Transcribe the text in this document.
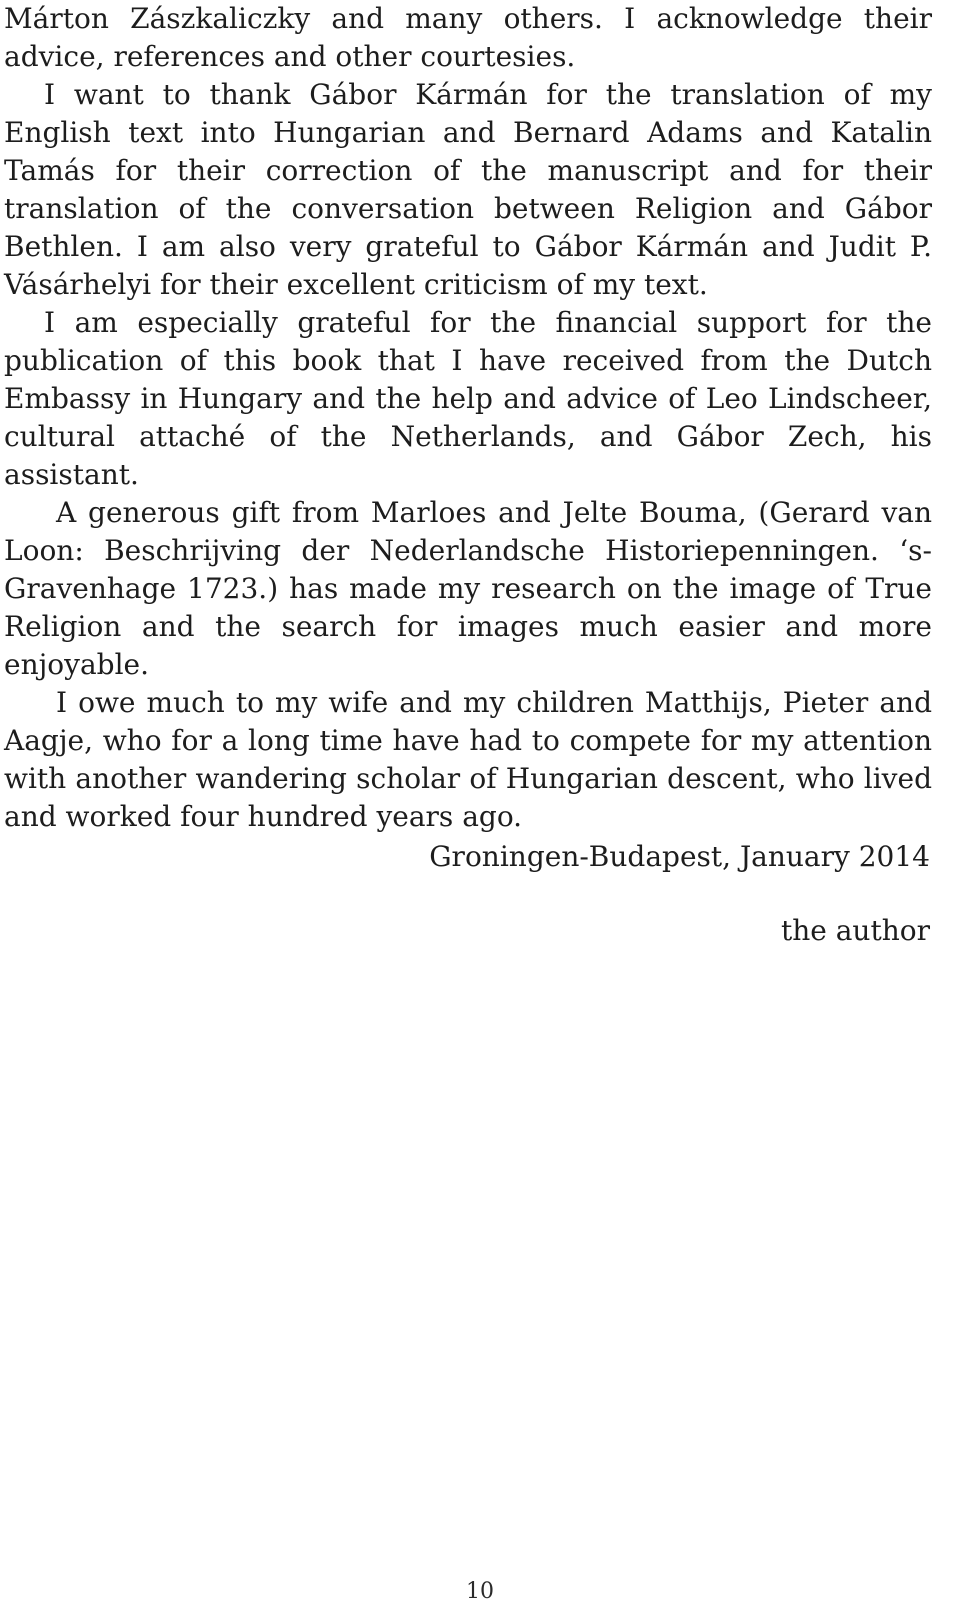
Márton Zászkaliczky and many others. I acknowledge their advice, references and other courtesies.

I want to thank Gábor Kármán for the translation of my English text into Hungarian and Bernard Adams and Katalin Tamás for their correction of the manuscript and for their translation of the conversation between Religion and Gábor Bethlen. I am also very grateful to Gábor Kármán and Judit P. Vásárhelyi for their excellent criticism of my text.

I am especially grateful for the financial support for the publication of this book that I have received from the Dutch Embassy in Hungary and the help and advice of Leo Lindscheer, cultural attaché of the Netherlands, and Gábor Zech, his assistant.

A generous gift from Marloes and Jelte Bouma, (Gerard van Loon: Beschrijving der Nederlandsche Historiepenningen. ‘s-Gravenhage 1723.) has made my research on the image of True Religion and the search for images much easier and more enjoyable.

I owe much to my wife and my children Matthijs, Pieter and Aagje, who for a long time have had to compete for my attention with another wandering scholar of Hungarian descent, who lived and worked four hundred years ago.

Groningen-Budapest, January 2014
the author
10
